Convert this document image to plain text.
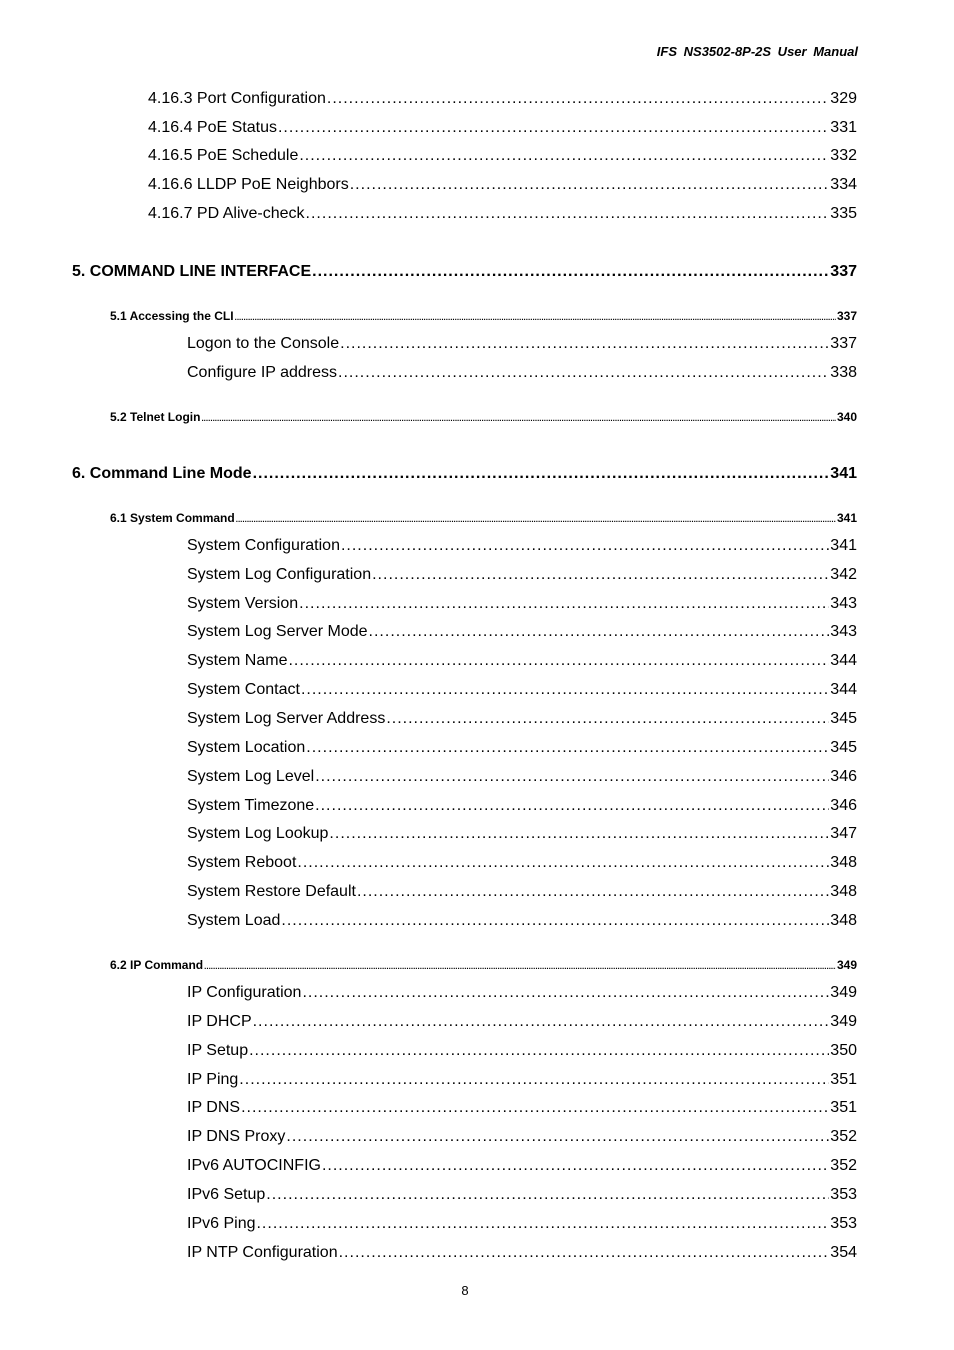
IFS NS3502-8P-2S User Manual
4.16.3 Port Configuration .....	329
4.16.4 PoE Status .....	331
4.16.5 PoE Schedule .....	332
4.16.6 LLDP PoE Neighbors .....	334
4.16.7 PD Alive-check .....	335
5. COMMAND LINE INTERFACE .....	337
5.1 Accessing the CLI .....	337
Logon to the Console .....	337
Configure IP address .....	338
5.2 Telnet Login .....	340
6. Command Line Mode .....	341
6.1 System Command .....	341
System Configuration .....	341
System Log Configuration .....	342
System Version .....	343
System Log Server Mode .....	343
System Name .....	344
System Contact .....	344
System Log Server Address .....	345
System Location .....	345
System Log Level .....	346
System Timezone .....	346
System Log Lookup .....	347
System Reboot .....	348
System Restore Default .....	348
System Load .....	348
6.2 IP Command .....	349
IP Configuration .....	349
IP DHCP .....	349
IP Setup .....	350
IP Ping .....	351
IP DNS .....	351
IP DNS Proxy .....	352
IPv6 AUTOCINFIG .....	352
IPv6 Setup .....	353
IPv6 Ping .....	353
IP NTP Configuration .....	354
8
